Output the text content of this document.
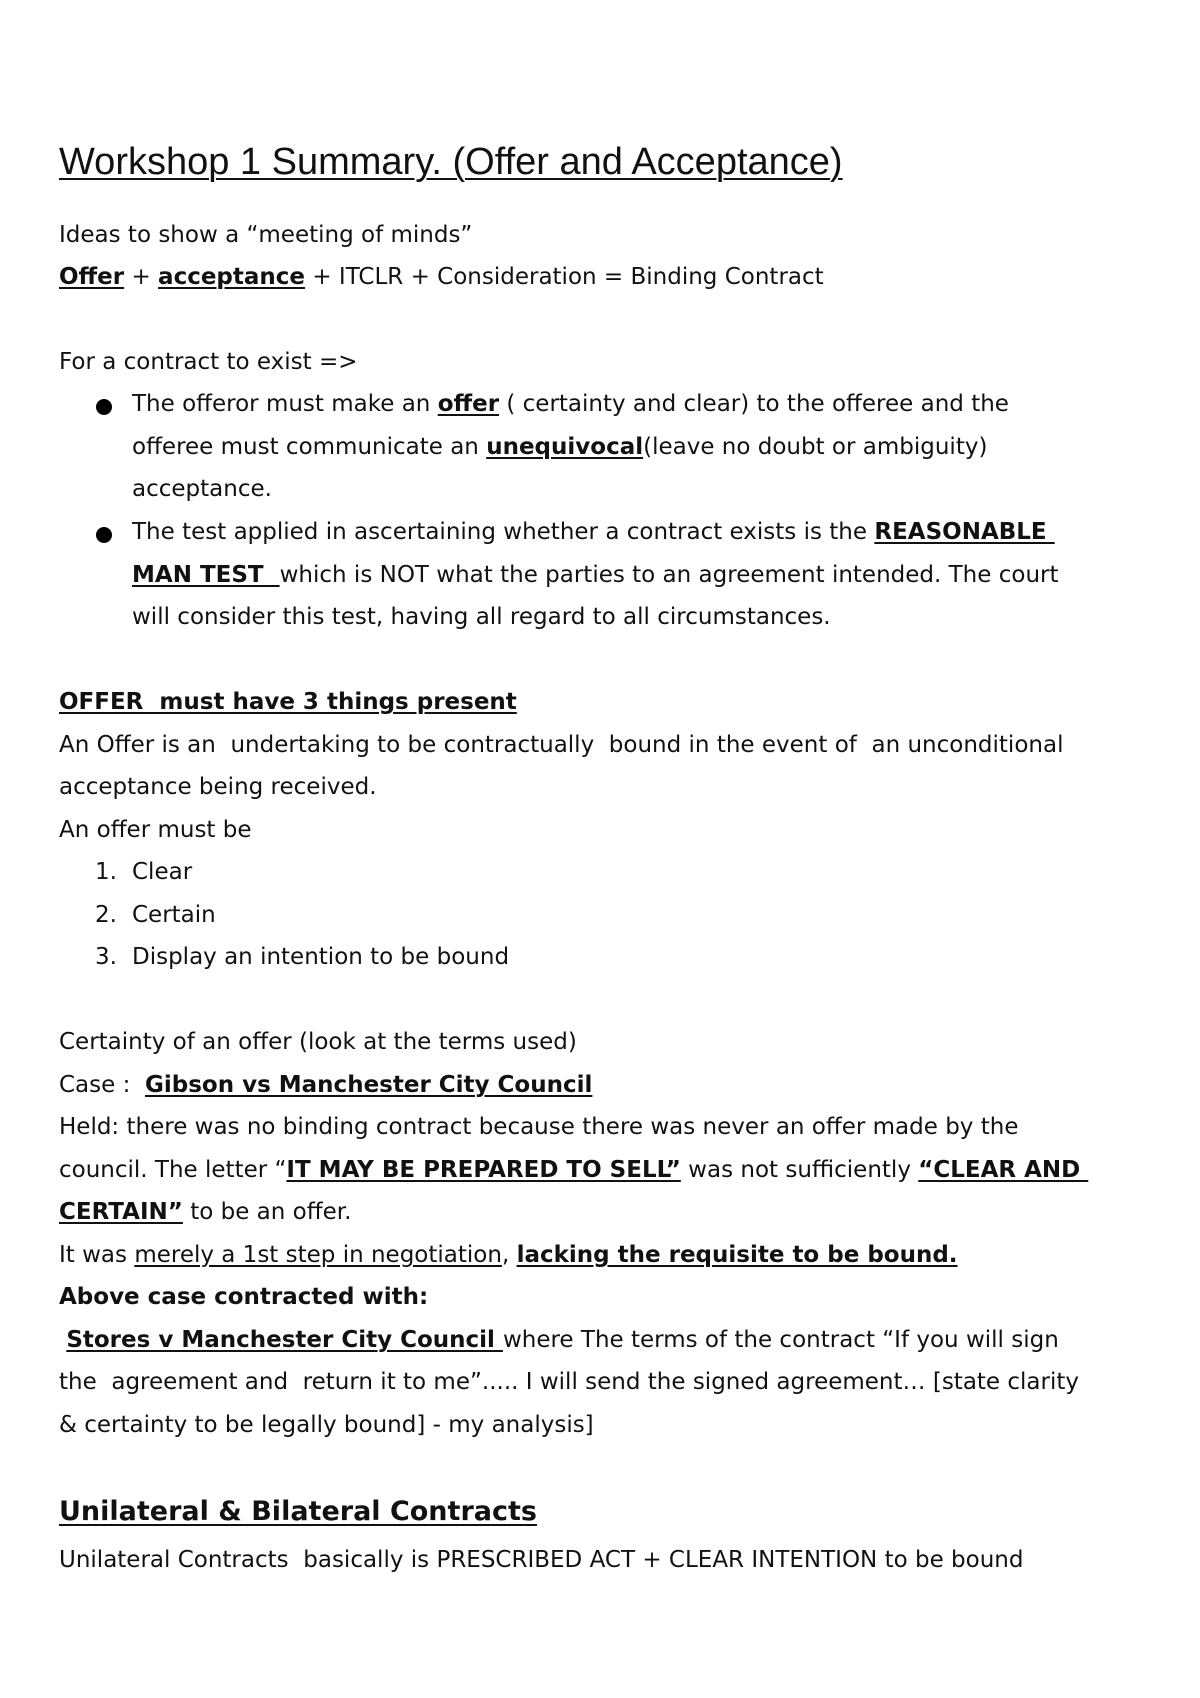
Workshop 1 Summary. (Offer and Acceptance)
Ideas to show a “meeting of minds”
Offer + acceptance + ITCLR + Consideration = Binding Contract
For a contract to exist =>
The offeror must make an offer ( certainty and clear) to the offeree and the
offeree must communicate an unequivocal(leave no doubt or ambiguity)
acceptance.
The test applied in ascertaining whether a contract exists is the REASONABLE
MAN TEST  which is NOT what the parties to an agreement intended. The court
will consider this test, having all regard to all circumstances.
OFFER  must have 3 things present
An Offer is an  undertaking to be contractually  bound in the event of  an unconditional
acceptance being received.
An offer must be
1. Clear
2. Certain
3. Display an intention to be bound
Certainty of an offer (look at the terms used)
Case :  Gibson vs Manchester City Council
Held: there was no binding contract because there was never an offer made by the
council. The letter “IT MAY BE PREPARED TO SELL” was not sufficiently “CLEAR AND
CERTAIN” to be an offer.
It was merely a 1st step in negotiation, lacking the requisite to be bound.
Above case contracted with:
Stores v Manchester City Council where The terms of the contract “If you will sign
the  agreement and  return it to me”..... I will send the signed agreement… [state clarity
& certainty to be legally bound] - my analysis]
Unilateral & Bilateral Contracts
Unilateral Contracts  basically is PRESCRIBED ACT + CLEAR INTENTION to be bound
